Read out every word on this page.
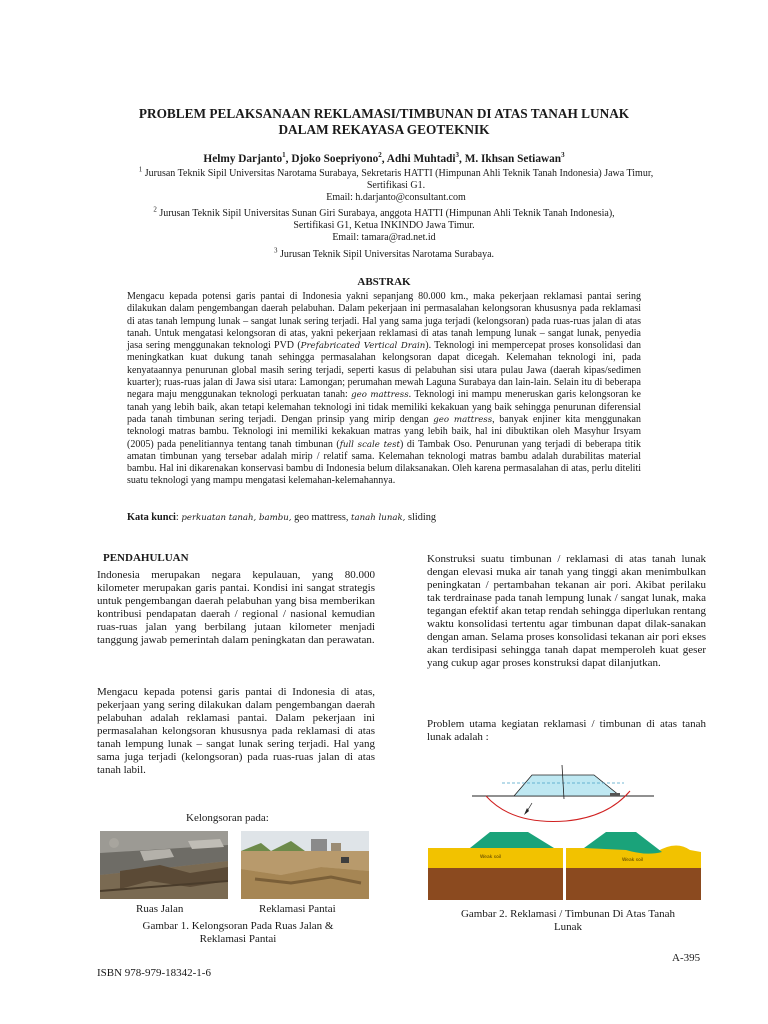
PROBLEM PELAKSANAAN REKLAMASI/TIMBUNAN DI ATAS TANAH LUNAK
DALAM REKAYASA GEOTEKNIK
Helmy Darjanto$^1$, Djoko Soepriyono$^2$, Adhi Muhtadi$^3$, M. Ikhsan Setiawan$^3$
$^1$ Jurusan Teknik Sipil Universitas Narotama Surabaya, Sekretaris HATTI (Himpunan Ahli Teknik Tanah Indonesia) Jawa Timur,
Sertifikasi G1.
Email: h.darjanto@consultant.com
$^2$ Jurusan Teknik Sipil Universitas Sunan Giri Surabaya, anggota HATTI (Himpunan Ahli Teknik Tanah Indonesia),
Sertifikasi G1, Ketua INKINDO Jawa Timur.
Email: tamara@rad.net.id
$^3$ Jurusan Teknik Sipil Universitas Narotama Surabaya.
ABSTRAK
Mengacu kepada potensi garis pantai di Indonesia yakni sepanjang 80.000 km., maka pekerjaan reklamasi pantai sering dilakukan dalam pengembangan daerah pelabuhan. Dalam pekerjaan ini permasalahan kelongsoran khususnya pada reklamasi di atas tanah lempung lunak – sangat lunak sering terjadi. Hal yang sama juga terjadi (kelongsoran) pada ruas-ruas jalan di atas tanah. Untuk mengatasi kelongsoran di atas, yakni pekerjaan reklamasi di atas tanah lempung lunak – sangat lunak, penyedia jasa sering menggunakan teknologi PVD (Prefabricated Vertical Drain). Teknologi ini mempercepat proses konsolidasi dan meningkatkan kuat dukung tanah sehingga permasalahan kelongsoran dapat dicegah. Kelemahan teknologi ini, pada kenyataannya penurunan global masih sering terjadi, seperti kasus di pelabuhan sisi utara pulau Jawa (daerah kipas/sedimen kuarter); ruas-ruas jalan di Jawa sisi utara: Lamongan; perumahan mewah Laguna Surabaya dan lain-lain. Selain itu di beberapa negara maju menggunakan teknologi perkuatan tanah: geo mattress. Teknologi ini mampu meneruskan garis kelongsoran ke tanah yang lebih baik, akan tetapi kelemahan teknologi ini tidak memiliki kekakuan yang baik sehingga penurunan diferensial pada tanah timbunan sering terjadi. Dengan prinsip yang mirip dengan geo mattress, banyak enjiner kita menggunakan teknologi matras bambu. Teknologi ini memiliki kekakuan matras yang lebih baik, hal ini dibuktikan oleh Masyhur Irsyam (2005) pada penelitiannya tentang tanah timbunan (full scale test) di Tambak Oso. Penurunan yang terjadi di beberapa titik amatan timbunan yang tersebar adalah mirip / relatif sama. Kelemahan teknologi matras bambu adalah durabilitas material bambu. Hal ini dikarenakan konservasi bambu di Indonesia belum dilaksanakan. Oleh karena permasalahan di atas, perlu diteliti suatu teknologi yang mampu mengatasi kelemahan-kelemahannya.
Kata kunci: perkuatan tanah, bambu, geo mattress, tanah lunak, sliding
PENDAHULUAN
Indonesia merupakan negara kepulauan, yang 80.000 kilometer merupakan garis pantai. Kondisi ini sangat strategis untuk pengembangan daerah pelabuhan yang bisa memberikan kontribusi pendapatan daerah / regional / nasional kemudian ruas-ruas jalan yang berbilang jutaan kilometer menjadi tanggung jawab pemerintah dalam peningkatan dan perawatan.
Mengacu kepada potensi garis pantai di Indonesia di atas, pekerjaan yang sering dilakukan dalam pengembangan daerah pelabuhan adalah reklamasi pantai. Dalam pekerjaan ini permasalahan kelongsoran khususnya pada reklamasi di atas tanah lempung lunak – sangat lunak sering terjadi. Hal yang sama juga terjadi (kelongsoran) pada ruas-ruas jalan di atas tanah labil.
Kelongsoran pada:
Ruas Jalan	Reklamasi Pantai
Gambar 1. Kelongsoran Pada Ruas Jalan &
Reklamasi Pantai
Konstruksi suatu timbunan / reklamasi di atas tanah lunak dengan elevasi muka air tanah yang tinggi akan menimbulkan peningkatan / pertambahan tekanan air pori. Akibat perilaku tak terdrainase pada tanah lempung lunak / sangat lunak, maka tegangan efektif akan tetap rendah sehingga diperlukan rentang waktu konsolidasi tertentu agar timbunan dapat dilak-sanakan dengan aman. Selama proses konsolidasi tekanan air pori ekses akan terdisipasi sehingga tanah dapat memperoleh kuat geser yang cukup agar proses konstruksi dapat dilanjutkan.
Problem utama kegiatan reklamasi / timbunan di atas tanah lunak adalah :
Weak soil
Weak soil
Gambar 2. Reklamasi / Timbunan Di Atas Tanah
Lunak
A-395
ISBN 978-979-18342-1-6
